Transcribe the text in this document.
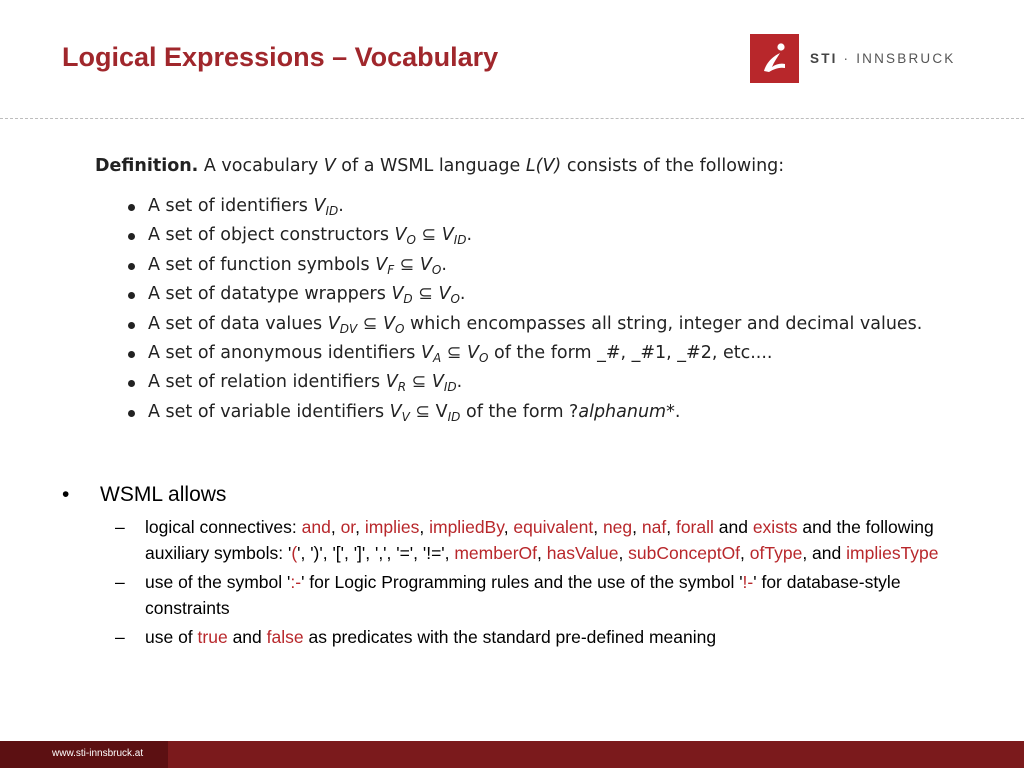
Logical Expressions – Vocabulary	STI · INNSBRUCK

Definition. A vocabulary V of a WSML language L(V) consists of the following:

A set of identifiers $V_{ID}$.
A set of object constructors $V_O$ ⊆ $V_{ID}$.
A set of function symbols $V_F$ ⊆ $V_O$.
A set of datatype wrappers $V_D$ ⊆ $V_O$.
A set of data values $V_{DV}$ ⊆ $V_O$ which encompasses all string, integer and decimal values.
A set of anonymous identifiers $V_A$ ⊆ $V_O$ of the form _#, _#1, _#2, etc....
A set of relation identifiers $V_R$ ⊆ $V_{ID}$.
A set of variable identifiers $V_V$ ⊆ $V_{ID}$ of the form ?alphanum*.
• WSML allows
– logical connectives: and, or, implies, impliedBy, equivalent, neg, naf, forall and exists and the following auxiliary symbols: '(', ')', '[', ']', ',', '=', '!=', memberOf, hasValue, subConceptOf, ofType, and impliesType
– use of the symbol ':-' for Logic Programming rules and the use of the symbol '!-' for database-style constraints
– use of true and false as predicates with the standard pre-defined meaning
www.sti-innsbruck.at
